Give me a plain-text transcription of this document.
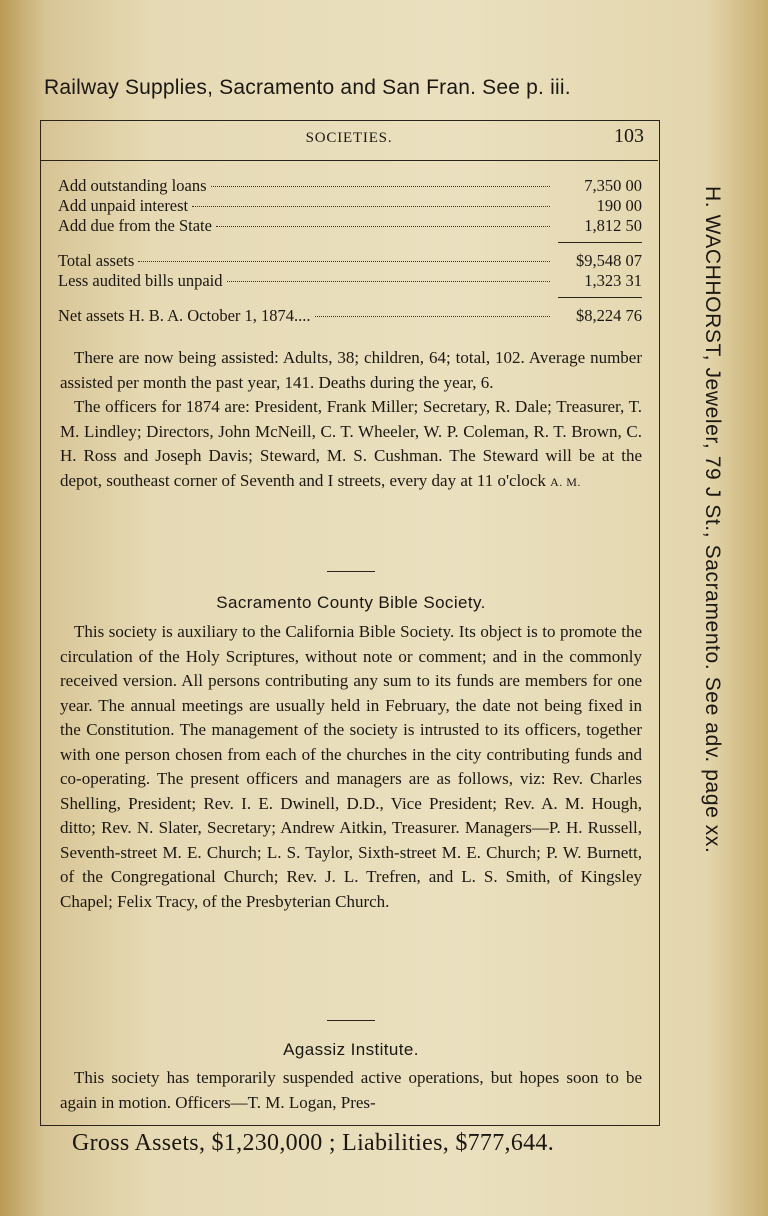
Railway Supplies, Sacramento and San Fran. See p. iii.
SOCIETIES.	103
Add outstanding loans	7,350 00
Add unpaid interest	190 00
Add due from the State	1,812 50
Total assets	$9,548 07
Less audited bills unpaid	1,323 31
Net assets H. B. A. October 1, 1874....	$8,224 76

There are now being assisted: Adults, 38; children, 64; total, 102. Average number assisted per month the past year, 141. Deaths during the year, 6.

The officers for 1874 are: President, Frank Miller; Secretary, R. Dale; Treasurer, T. M. Lindley; Directors, John McNeill, C. T. Wheeler, W. P. Coleman, R. T. Brown, C. H. Ross and Joseph Davis; Steward, M. S. Cushman. The Steward will be at the depot, southeast corner of Seventh and I streets, every day at 11 o'clock A. M.

Sacramento County Bible Society.

This society is auxiliary to the California Bible Society. Its object is to promote the circulation of the Holy Scriptures, without note or comment; and in the commonly received version. All persons contributing any sum to its funds are members for one year. The annual meetings are usually held in February, the date not being fixed in the Constitution. The management of the society is intrusted to its officers, together with one person chosen from each of the churches in the city contributing funds and co-operating. The present officers and managers are as follows, viz: Rev. Charles Shelling, President; Rev. I. E. Dwinell, D.D., Vice President; Rev. A. M. Hough, ditto; Rev. N. Slater, Secretary; Andrew Aitkin, Treasurer. Managers—P. H. Russell, Seventh-street M. E. Church; L. S. Taylor, Sixth-street M. E. Church; P. W. Burnett, of the Congregational Church; Rev. J. L. Trefren, and L. S. Smith, of Kingsley Chapel; Felix Tracy, of the Presbyterian Church.

Agassiz Institute.

This society has temporarily suspended active operations, but hopes soon to be again in motion. Officers—T. M. Logan, Pres-

Gross Assets, $1,230,000 ; Liabilities, $777,644.
H. WACHHORST, Jeweler, 79 J St., Sacramento. See adv. page xx.
